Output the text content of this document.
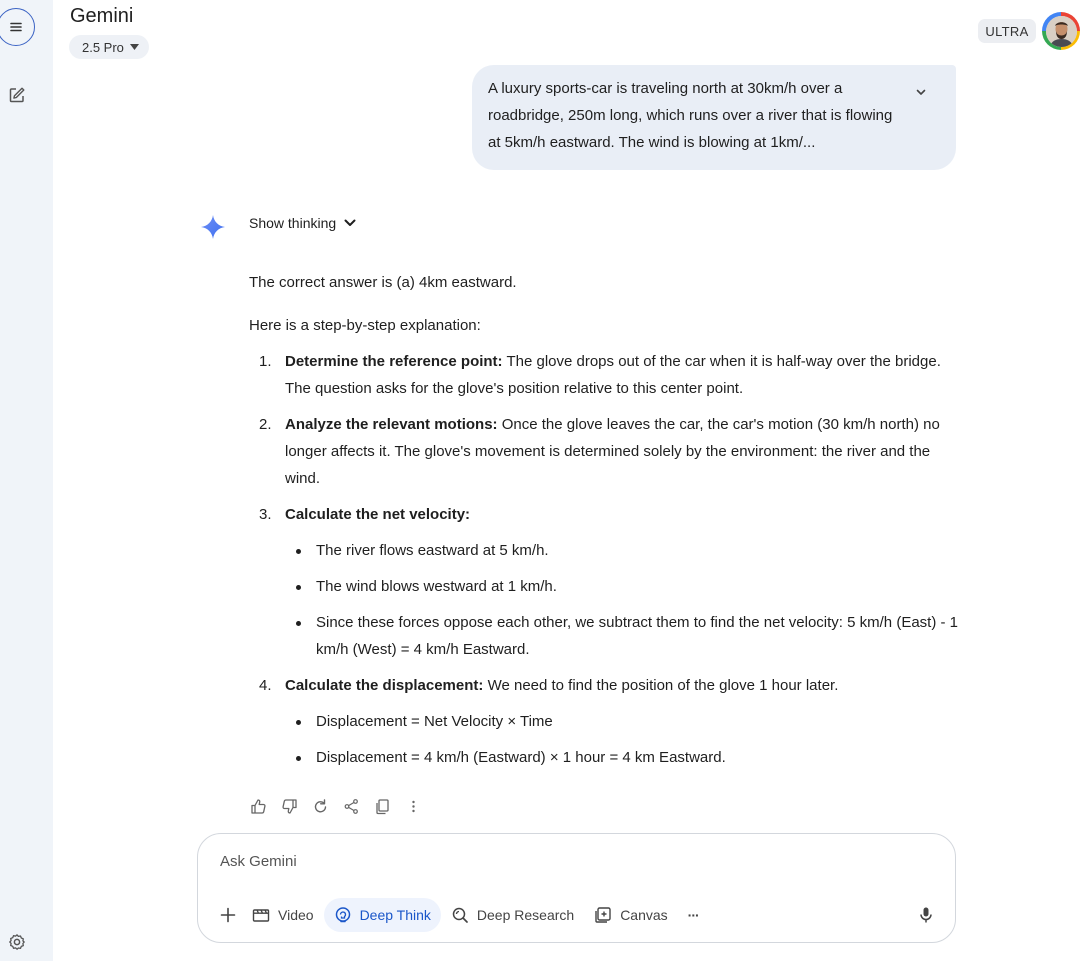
Gemini
2.5 Pro
ULTRA
A luxury sports-car is traveling north at 30km/h over a roadbridge, 250m long, which runs over a river that is flowing at 5km/h eastward. The wind is blowing at 1km/...
Show thinking

The correct answer is (a) 4km eastward.

Here is a step-by-step explanation:

1. Determine the reference point: The glove drops out of the car when it is half-way over the bridge. The question asks for the glove's position relative to this center point.
2. Analyze the relevant motions: Once the glove leaves the car, the car's motion (30 km/h north) no longer affects it. The glove's movement is determined solely by the environment: the river and the wind.
3. Calculate the net velocity:
The river flows eastward at 5 km/h.
The wind blows westward at 1 km/h.
Since these forces oppose each other, we subtract them to find the net velocity: 5 km/h (East) - 1 km/h (West) = 4 km/h Eastward.
4. Calculate the displacement: We need to find the position of the glove 1 hour later.
Displacement = Net Velocity × Time
Displacement = 4 km/h (Eastward) × 1 hour = 4 km Eastward.
Ask Gemini
Video	Deep Think	Deep Research	Canvas ···
